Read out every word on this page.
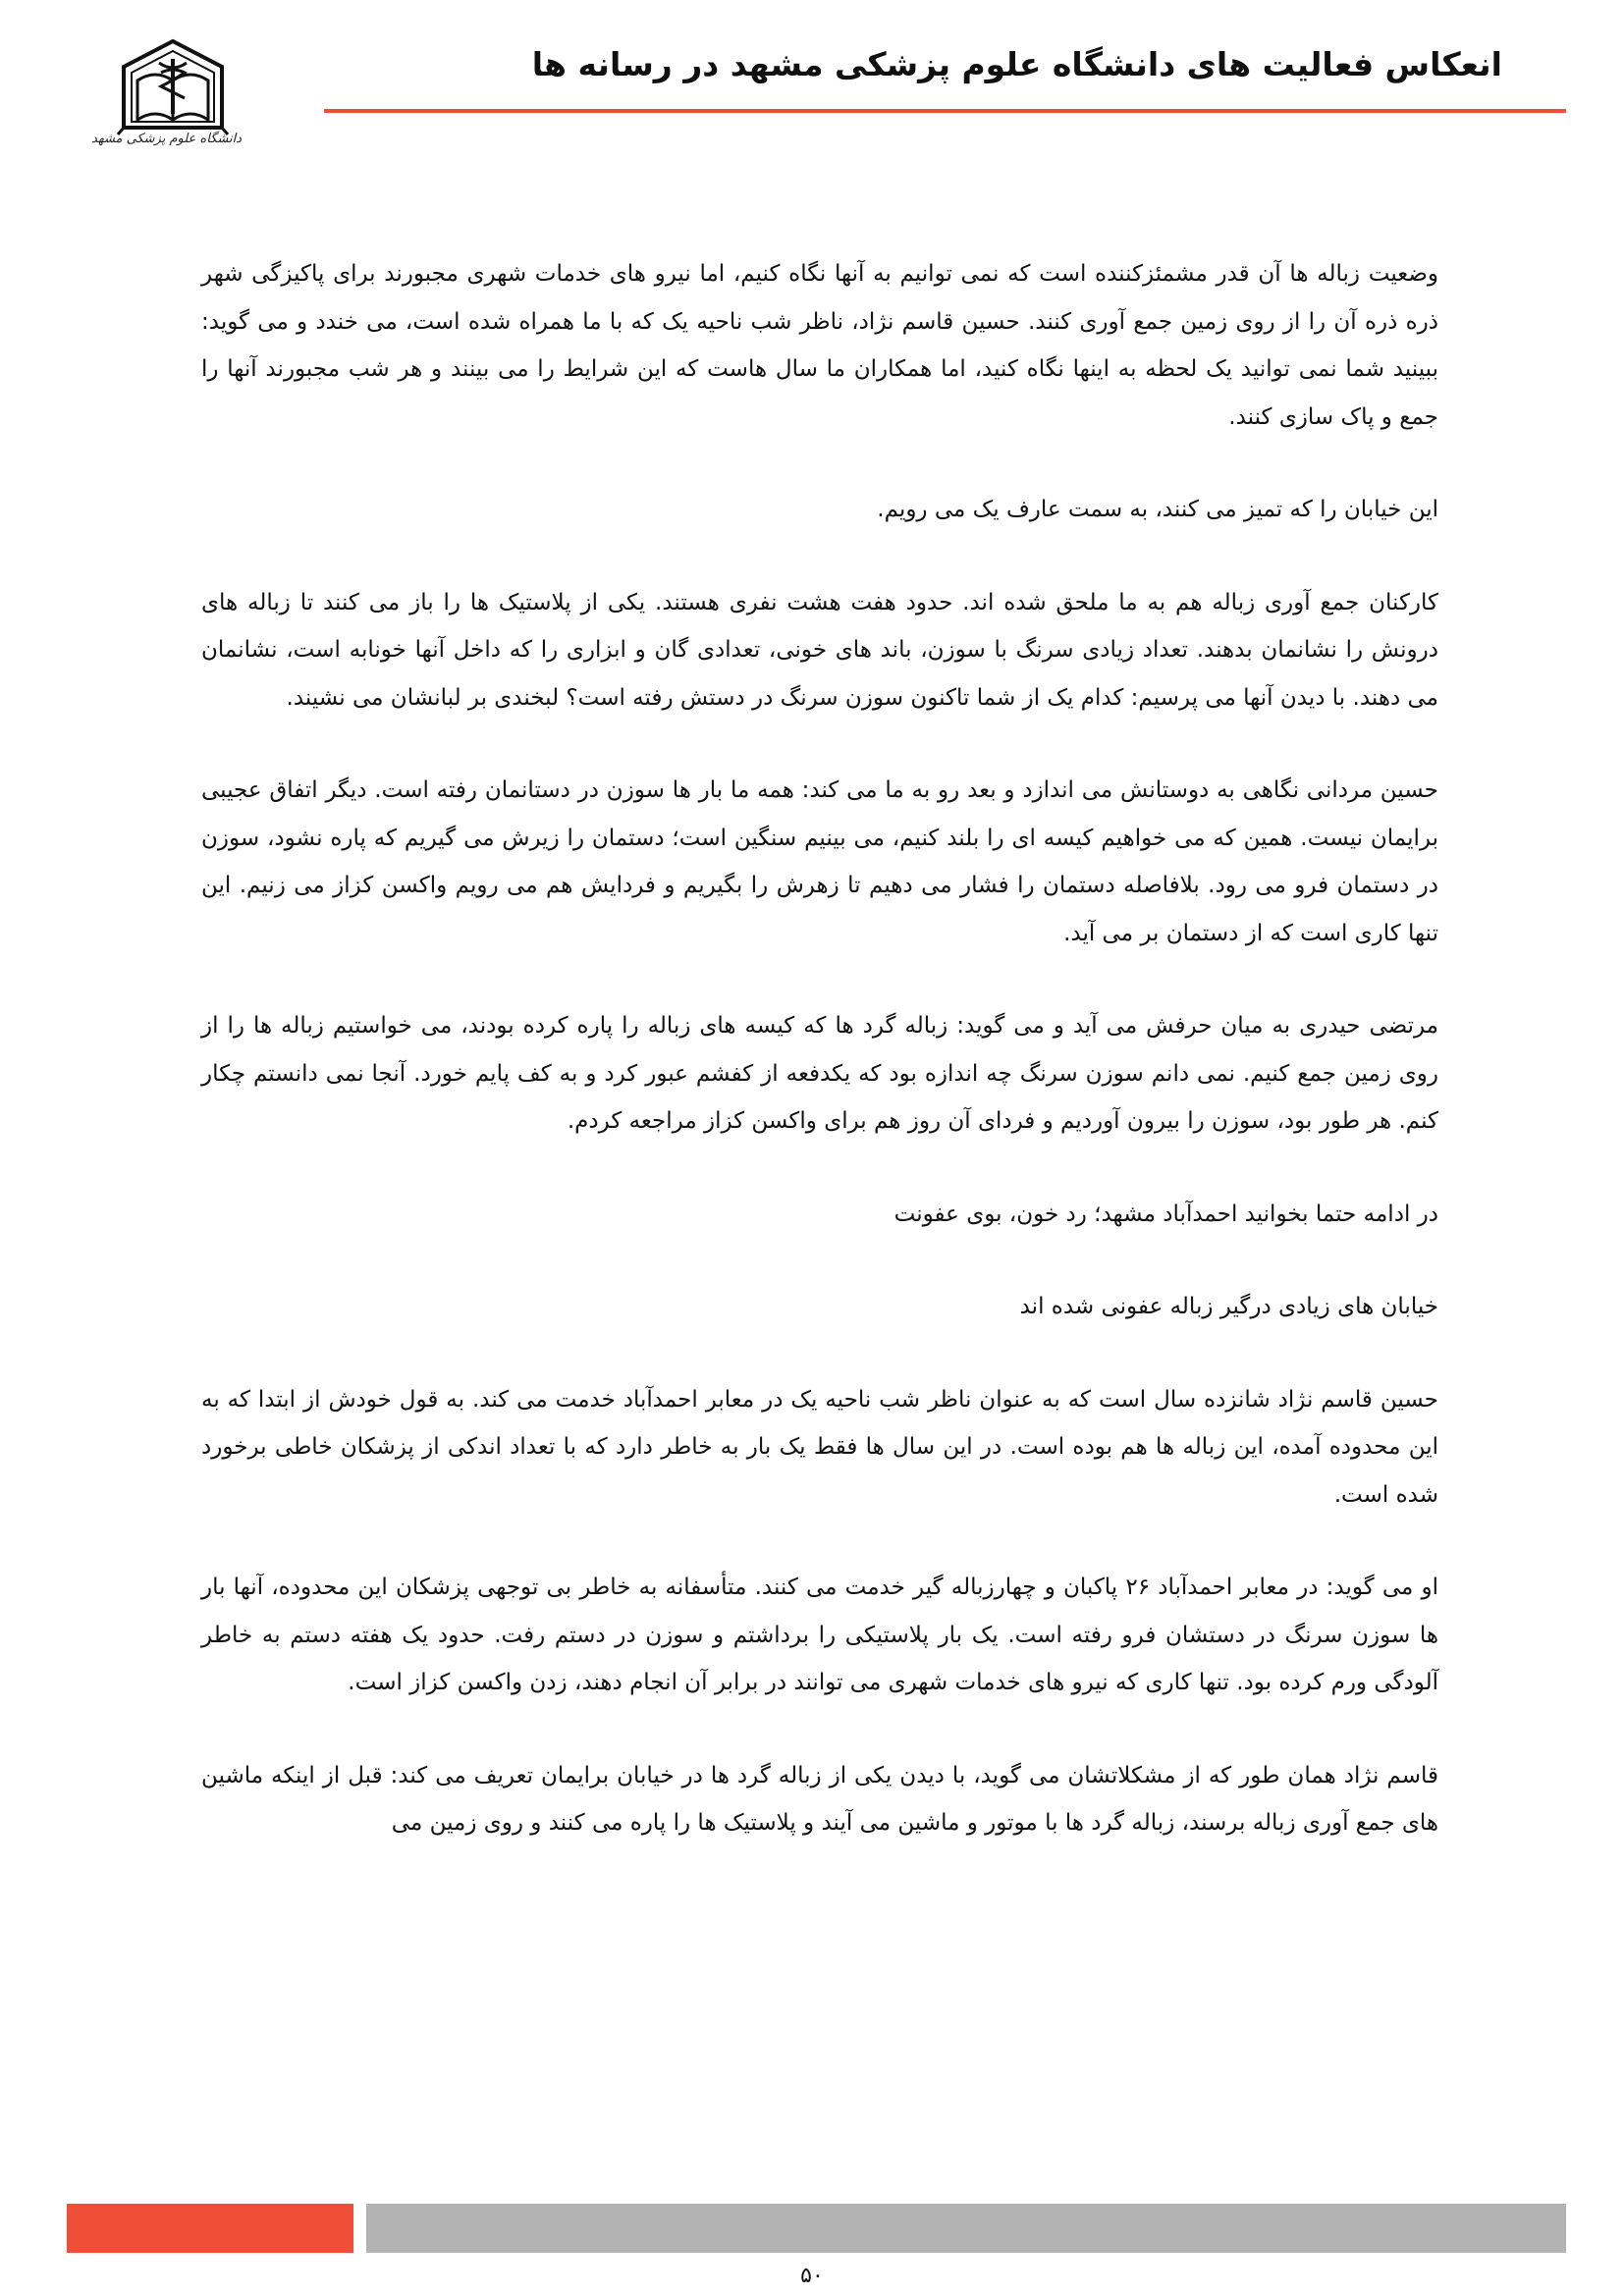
دانشگاه علوم پزشکی مشهد
انعکاس فعالیت های دانشگاه علوم پزشکی مشهد در رسانه ها

وضعیت زباله ها آن قدر مشمئزکننده است که نمی توانیم به آنها نگاه کنیم، اما نیرو های خدمات شهری مجبورند برای پاکیزگی شهر ذره ذره آن را از روی زمین جمع آوری کنند. حسین قاسم نژاد، ناظر شب ناحیه یک که با ما همراه شده است، می خندد و می گوید: ببینید شما نمی توانید یک لحظه به اینها نگاه کنید، اما همکاران ما سال هاست که این شرایط را می بینند و هر شب مجبورند آنها را جمع و پاک سازی کنند.

این خیابان را که تمیز می کنند، به سمت عارف یک می رویم.

کارکنان جمع آوری زباله هم به ما ملحق شده اند. حدود هفت هشت نفری هستند. یکی از پلاستیک ها را باز می کنند تا زباله های درونش را نشانمان بدهند. تعداد زیادی سرنگ با سوزن، باند های خونی، تعدادی گان و ابزاری را که داخل آنها خونابه است، نشانمان می دهند. با دیدن آنها می پرسیم: کدام یک از شما تاکنون سوزن سرنگ در دستش رفته است؟ لبخندی بر لبانشان می نشیند.

حسین مردانی نگاهی به دوستانش می اندازد و بعد رو به ما می کند: همه ما بار ها سوزن در دستانمان رفته است. دیگر اتفاق عجیبی برایمان نیست. همین که می خواهیم کیسه ای را بلند کنیم، می بینیم سنگین است؛ دستمان را زیرش می گیریم که پاره نشود، سوزن در دستمان فرو می رود. بلافاصله دستمان را فشار می دهیم تا زهرش را بگیریم و فردایش هم می رویم واکسن کزاز می زنیم. این تنها کاری است که از دستمان بر می آید.

مرتضی حیدری به میان حرفش می آید و می گوید: زباله گرد ها که کیسه های زباله را پاره کرده بودند، می خواستیم زباله ها را از روی زمین جمع کنیم. نمی دانم سوزن سرنگ چه اندازه بود که یکدفعه از کفشم عبور کرد و به کف پایم خورد. آنجا نمی دانستم چکار کنم. هر طور بود، سوزن را بیرون آوردیم و فردای آن روز هم برای واکسن کزاز مراجعه کردم.

در ادامه حتما بخوانید احمدآباد مشهد؛ رد خون، بوی عفونت

خیابان های زیادی درگیر زباله عفونی شده اند

حسین قاسم نژاد شانزده سال است که به عنوان ناظر شب ناحیه یک در معابر احمدآباد خدمت می کند. به قول خودش از ابتدا که به این محدوده آمده، این زباله ها هم بوده است. در این سال ها فقط یک بار به خاطر دارد که با تعداد اندکی از پزشکان خاطی برخورد شده است.

او می گوید: در معابر احمدآباد ۲۶ پاکبان و چهارزباله گیر خدمت می کنند. متأسفانه به خاطر بی توجهی پزشکان این محدوده، آنها بار ها سوزن سرنگ در دستشان فرو رفته است. یک بار پلاستیکی را برداشتم و سوزن در دستم رفت. حدود یک هفته دستم به خاطر آلودگی ورم کرده بود. تنها کاری که نیرو های خدمات شهری می توانند در برابر آن انجام دهند، زدن واکسن کزاز است.

قاسم نژاد همان طور که از مشکلاتشان می گوید، با دیدن یکی از زباله گرد ها در خیابان برایمان تعریف می کند: قبل از اینکه ماشین های جمع آوری زباله برسند، زباله گرد ها با موتور و ماشین می آیند و پلاستیک ها را پاره می کنند و روی زمین می

۵۰
